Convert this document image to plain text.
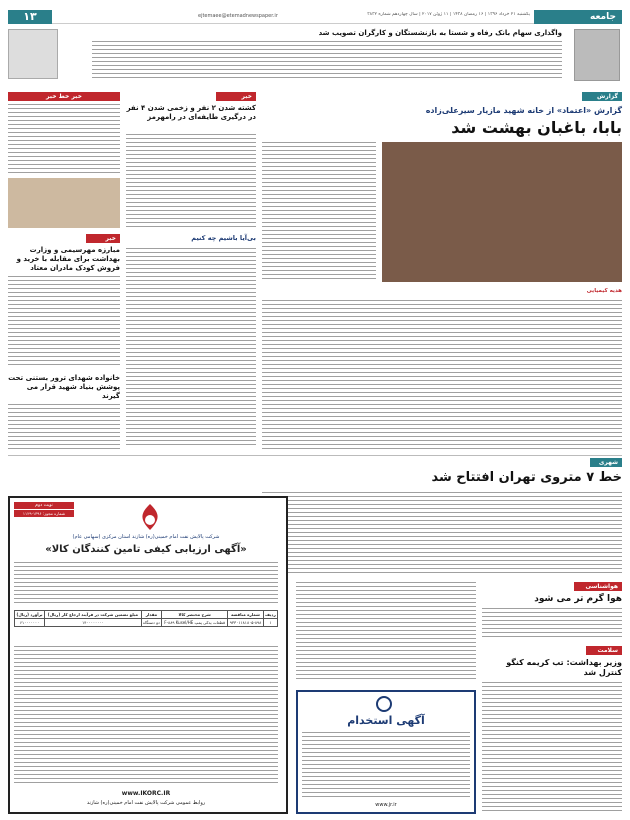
جامعه
یکشنبه ۲۱ خرداد ۱۳۹۶ | ۱۶ رمضان ۱۴۳۸ | ۱۱ ژوئن ۲۰۱۷ | سال چهاردهم شماره ۳۸۳۲
ejtemaee@etemadnewspaper.ir
۱۳
واگذاری سهام بانک رفاه و شستا به بازنشستگان و کارگران تصویب شد
خبر خط خبر
خبر
مبارزه مهرسیمی و وزارت بهداشت برای مقابله با خرید و فروش کودک مادران معتاد
خانواده شهدای ترور بستنی تحت پوشش بنیاد شهید قرار می گیرند
خبر
کشته شدن ۲ نفر و زخمی شدن ۴ نفر در درگیری طایفه‌ای در رامهرمز
بی‌آیا باشیم چه کنیم
گزارش
گزارش «اعتماد» از خانه شهید مازیار سیرعلی‌زاده
بابا، باغبان بهشت شد
هدیه کیمیایی
شهری
خط ۷ متروی تهران افتتاح شد
هواشناسی
هوا گرم تر می شود
سلامت
وزیر بهداشت: تب کریمه کنگو کنترل شد
نوبت دوم
شماره مجوز: ۱۳۹۶-۱۱۲۹
شرکت پالایش نفت امام خمینی(ره) شازند استان مرکزی (سهامی عام)
«آگهی ارزیابی کیفی تامین کنندگان کالا»
ردیف	شماره مناقصه	شرح مختصر کالا	مقدار	مبلغ تضمین شرکت در فرآیند ارجاع کار (ریال)	برآورد (ریال)
۱	۹۳۳۰۱۱۸۱۸۰۵-۸۹۸	قطعات یدکی پمپ F-۸۸۹ Kusel/HE	دو دستگاه	۱۴۰۰۰۰۰۰۰۰	۶۱۰۰۰۰۰۰۰
www.IKORC.IR
روابط عمومی شرکت پالایش نفت امام خمینی(ره) شازند
آگهی استخدام
www.jr.ir
